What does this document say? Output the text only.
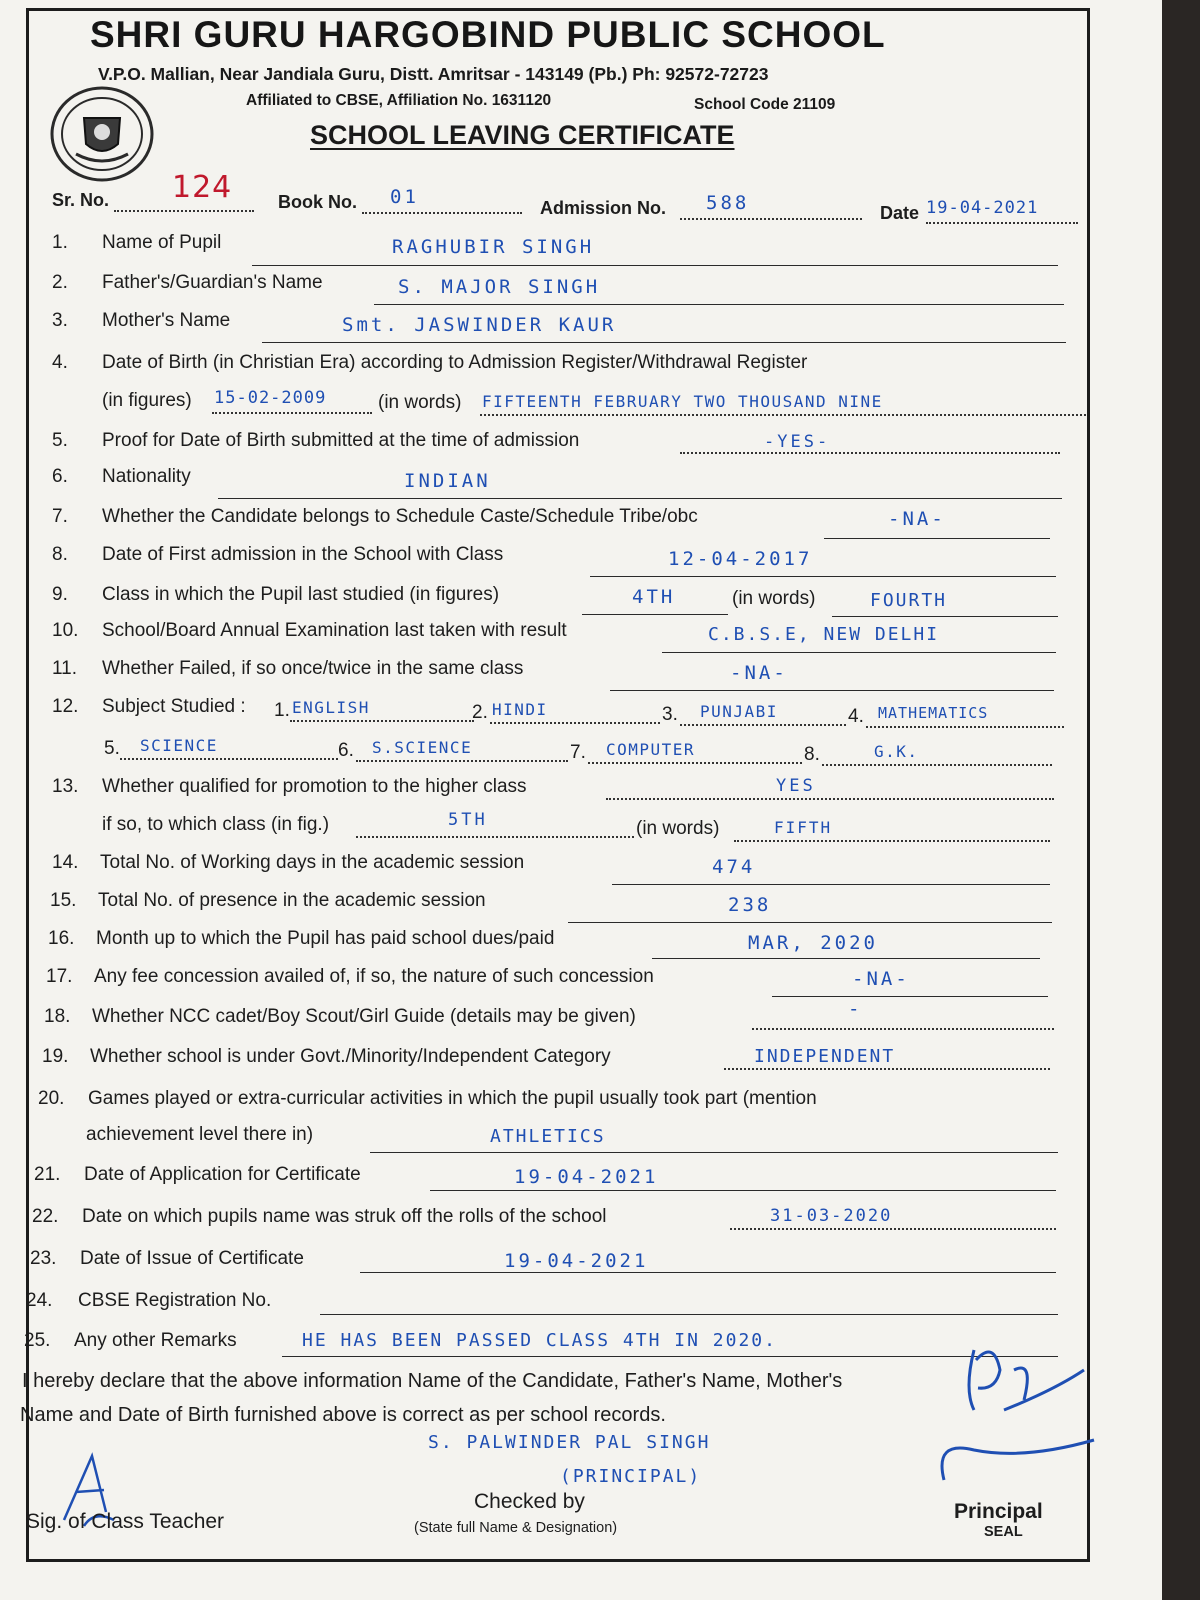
SHRI GURU HARGOBIND PUBLIC SCHOOL
V.P.O. Mallian, Near Jandiala Guru, Distt. Amritsar - 143149 (Pb.) Ph: 92572-72723
Affiliated to CBSE, Affiliation No. 1631120	School Code 21109
SCHOOL LEAVING CERTIFICATE
Sr. No. 124	Book No. 01	Admission No. 588	Date 19-04-2021
1. Name of Pupil	RAGHUBIR SINGH
2. Father's/Guardian's Name	S. MAJOR SINGH
3. Mother's Name	Smt. JASWINDER KAUR
4. Date of Birth (in Christian Era) according to Admission Register/Withdrawal Register
(in figures) 15-02-2009	(in words) FIFTEENTH FEBRUARY TWO THOUSAND NINE
5. Proof for Date of Birth submitted at the time of admission	-YES-
6. Nationality	INDIAN
7. Whether the Candidate belongs to Schedule Caste/Schedule Tribe/obc	-NA-
8. Date of First admission in the School with Class	12-04-2017
9. Class in which the Pupil last studied (in figures)	4TH	(in words)	FOURTH
10. School/Board Annual Examination last taken with result	C.B.S.E, NEW DELHI
11. Whether Failed, if so once/twice in the same class	-NA-
12. Subject Studied : 1. ENGLISH	2. HINDI	3. PUNJABI	4. MATHEMATICS
5. SCIENCE	6. S.SCIENCE	7. COMPUTER	8.	G.K.
13. Whether qualified for promotion to the higher class	YES
if so, to which class (in fig.)	5TH	(in words)	FIFTH
14. Total No. of Working days in the academic session	474
15. Total No. of presence in the academic session	238
16. Month up to which the Pupil has paid school dues/paid	MAR, 2020
17. Any fee concession availed of, if so, the nature of such concession	-NA-
18. Whether NCC cadet/Boy Scout/Girl Guide (details may be given)	-
19. Whether school is under Govt./Minority/Independent Category	INDEPENDENT
20. Games played or extra-curricular activities in which the pupil usually took part (mention
achievement level there in)	ATHLETICS
21. Date of Application for Certificate	19-04-2021
22. Date on which pupils name was struk off the rolls of the school	31-03-2020
23. Date of Issue of Certificate	19-04-2021
24. CBSE Registration No.
25. Any other Remarks	HE HAS BEEN PASSED CLASS 4TH IN 2020.
I hereby declare that the above information Name of the Candidate, Father's Name, Mother's
Name and Date of Birth furnished above is correct as per school records.
S. PALWINDER PAL SINGH
(PRINCIPAL)
Sig. of Class Teacher
Checked by
(State full Name & Designation)
Principal
SEAL
